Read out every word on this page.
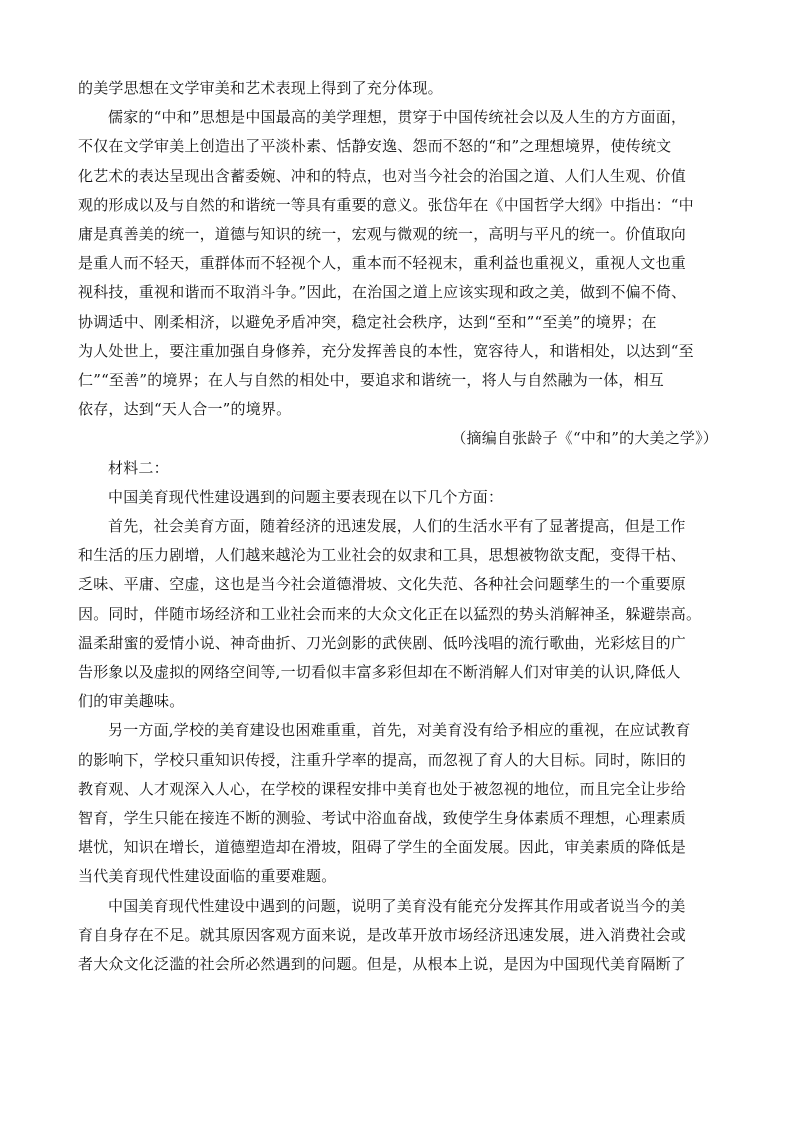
的美学思想在文学审美和艺术表现上得到了充分体现。
儒家的“中和”思想是中国最高的美学理想，贯穿于中国传统社会以及人生的方方面面，
不仅在文学审美上创造出了平淡朴素、恬静安逸、怨而不怒的“和”之理想境界，使传统文
化艺术的表达呈现出含蓄委婉、冲和的特点，也对当今社会的治国之道、人们人生观、价值
观的形成以及与自然的和谐统一等具有重要的意义。张岱年在《中国哲学大纲》中指出：“中
庸是真善美的统一，道德与知识的统一，宏观与微观的统一，高明与平凡的统一。价值取向
是重人而不轻天，重群体而不轻视个人，重本而不轻视末，重利益也重视义，重视人文也重
视科技，重视和谐而不取消斗争。”因此，在治国之道上应该实现和政之美，做到不偏不倚、
协调适中、刚柔相济，以避免矛盾冲突，稳定社会秩序，达到“至和”“至美”的境界；在
为人处世上，要注重加强自身修养，充分发挥善良的本性，宽容待人，和谐相处，以达到“至
仁”“至善”的境界；在人与自然的相处中，要追求和谐统一，将人与自然融为一体，相互
依存，达到“天人合一”的境界。
（摘编自张龄子《“中和”的大美之学》）
材料二：
中国美育现代性建设遇到的问题主要表现在以下几个方面：
首先，社会美育方面，随着经济的迅速发展，人们的生活水平有了显著提高，但是工作
和生活的压力剧增，人们越来越沦为工业社会的奴隶和工具，思想被物欲支配，变得干枯、
乏味、平庸、空虚，这也是当今社会道德滑坡、文化失范、各种社会问题孳生的一个重要原
因。同时，伴随市场经济和工业社会而来的大众文化正在以猛烈的势头消解神圣，躲避崇高。
温柔甜蜜的爱情小说、神奇曲折、刀光剑影的武侠剧、低吟浅唱的流行歌曲，光彩炫目的广
告形象以及虚拟的网络空间等,一切看似丰富多彩但却在不断消解人们对审美的认识,降低人
们的审美趣味。
另一方面,学校的美育建设也困难重重，首先，对美育没有给予相应的重视，在应试教育
的影响下，学校只重知识传授，注重升学率的提高，而忽视了育人的大目标。同时，陈旧的
教育观、人才观深入人心，在学校的课程安排中美育也处于被忽视的地位，而且完全让步给
智育，学生只能在接连不断的测验、考试中浴血奋战，致使学生身体素质不理想，心理素质
堪忧，知识在增长，道德塑造却在滑坡，阻碍了学生的全面发展。因此，审美素质的降低是
当代美育现代性建设面临的重要难题。
中国美育现代性建设中遇到的问题，说明了美育没有能充分发挥其作用或者说当今的美
育自身存在不足。就其原因客观方面来说，是改革开放市场经济迅速发展，进入消费社会或
者大众文化泛滥的社会所必然遇到的问题。但是，从根本上说，是因为中国现代美育隔断了
